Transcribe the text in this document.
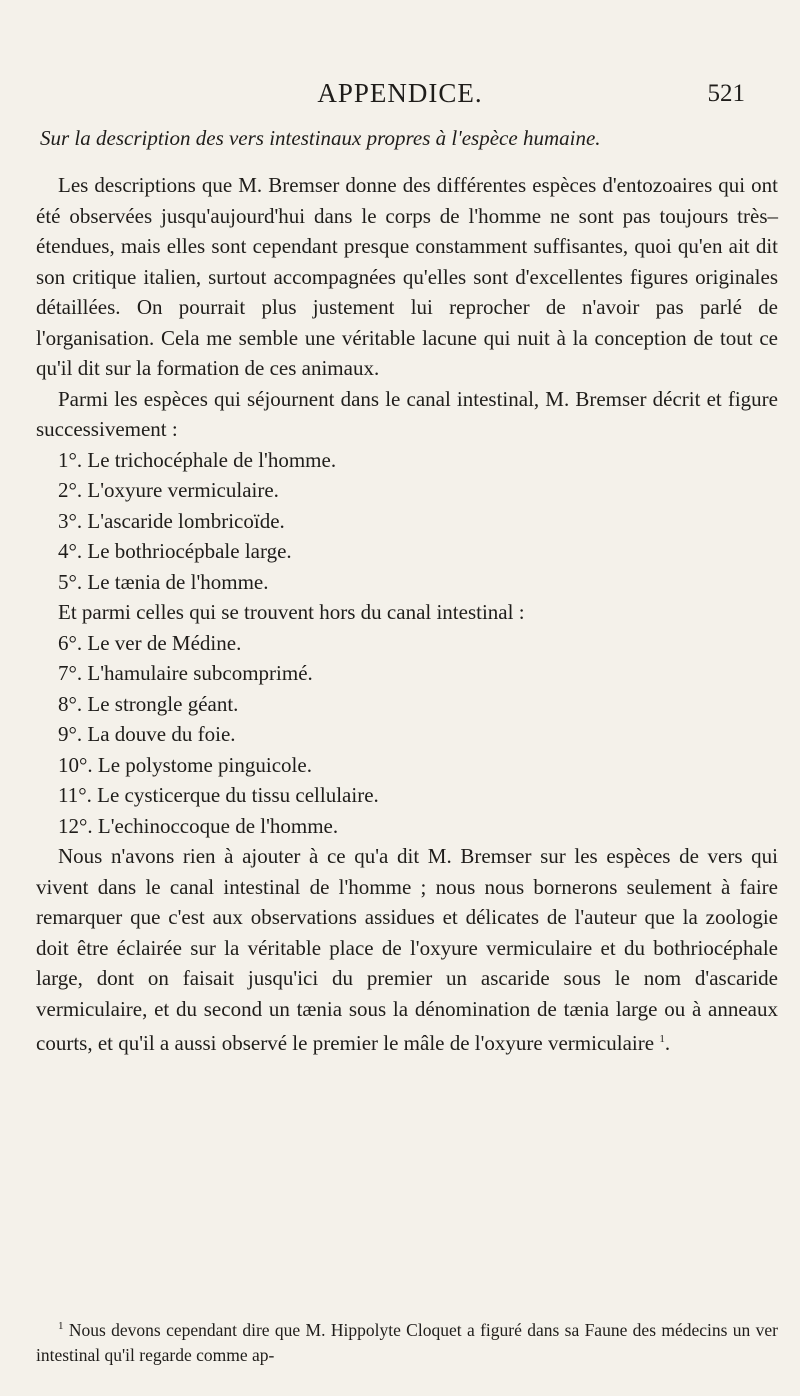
APPENDICE.	521
Sur la description des vers intestinaux propres à l'espèce humaine.

Les descriptions que M. Bremser donne des différentes espèces d'entozoaires qui ont été observées jusqu'aujourd'hui dans le corps de l'homme ne sont pas toujours très–étendues, mais elles sont cependant presque constamment suffisantes, quoi qu'en ait dit son critique italien, surtout accompagnées qu'elles sont d'excellentes figures originales détaillées. On pourrait plus justement lui reprocher de n'avoir pas parlé de l'organisation. Cela me semble une véritable lacune qui nuit à la conception de tout ce qu'il dit sur la formation de ces animaux.

Parmi les espèces qui séjournent dans le canal intestinal, M. Bremser décrit et figure successivement :

1°. Le trichocéphale de l'homme.
2°. L'oxyure vermiculaire.
3°. L'ascaride lombricoïde.
4°. Le bothriocépbale large.
5°. Le tænia de l'homme.

Et parmi celles qui se trouvent hors du canal intestinal :

6°. Le ver de Médine.
7°. L'hamulaire subcomprimé.
8°. Le strongle géant.
9°. La douve du foie.
10°. Le polystome pinguicole.
11°. Le cysticerque du tissu cellulaire.
12°. L'echinoccoque de l'homme.

Nous n'avons rien à ajouter à ce qu'a dit M. Bremser sur les espèces de vers qui vivent dans le canal intestinal de l'homme ; nous nous bornerons seulement à faire remarquer que c'est aux observations assidues et délicates de l'auteur que la zoologie doit être éclairée sur la véritable place de l'oxyure vermiculaire et du bothriocéphale large, dont on faisait jusqu'ici du premier un ascaride sous le nom d'ascaride vermiculaire, et du second un tænia sous la dénomination de tænia large ou à anneaux courts, et qu'il a aussi observé le premier le mâle de l'oxyure vermiculaire $^1$.

$^1$ Nous devons cependant dire que M. Hippolyte Cloquet a figuré dans sa Faune des médecins un ver intestinal qu'il regarde comme ap-
